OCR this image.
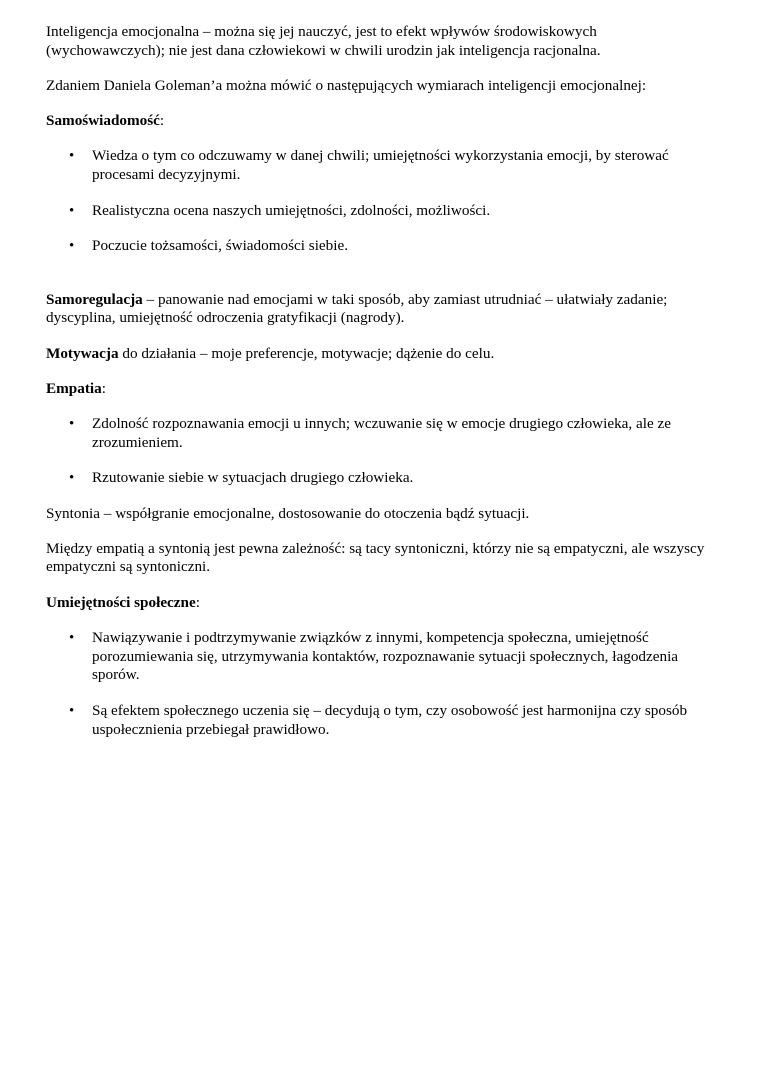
Inteligencja emocjonalna – można się jej nauczyć, jest to efekt wpływów środowiskowych (wychowawczych); nie jest dana człowiekowi w chwili urodzin jak inteligencja racjonalna.

Zdaniem Daniela Goleman’a można mówić o następujących wymiarach inteligencji emocjonalnej:

Samoświadomość:

• Wiedza o tym co odczuwamy w danej chwili; umiejętności wykorzystania emocji, by sterować procesami decyzyjnymi.
• Realistyczna ocena naszych umiejętności, zdolności, możliwości.
• Poczucie tożsamości, świadomości siebie.

Samoregulacja – panowanie nad emocjami w taki sposób, aby zamiast utrudniać – ułatwiały zadanie; dyscyplina, umiejętność odroczenia gratyfikacji (nagrody).

Motywacja do działania – moje preferencje, motywacje; dążenie do celu.

Empatia:

• Zdolność rozpoznawania emocji u innych; wczuwanie się w emocje drugiego człowieka, ale ze zrozumieniem.
• Rzutowanie siebie w sytuacjach drugiego człowieka.

Syntonia – współgranie emocjonalne, dostosowanie do otoczenia bądź sytuacji.

Między empatią a syntonią jest pewna zależność: są tacy syntoniczni, którzy nie są empatyczni, ale wszyscy empatyczni są syntoniczni.

Umiejętności społeczne:

• Nawiązywanie i podtrzymywanie związków z innymi, kompetencja społeczna, umiejętność porozumiewania się, utrzymywania kontaktów, rozpoznawanie sytuacji społecznych, łagodzenia sporów.
• Są efektem społecznego uczenia się – decydują o tym, czy osobowość jest harmonijna czy sposób uspołecznienia przebiegał prawidłowo.
